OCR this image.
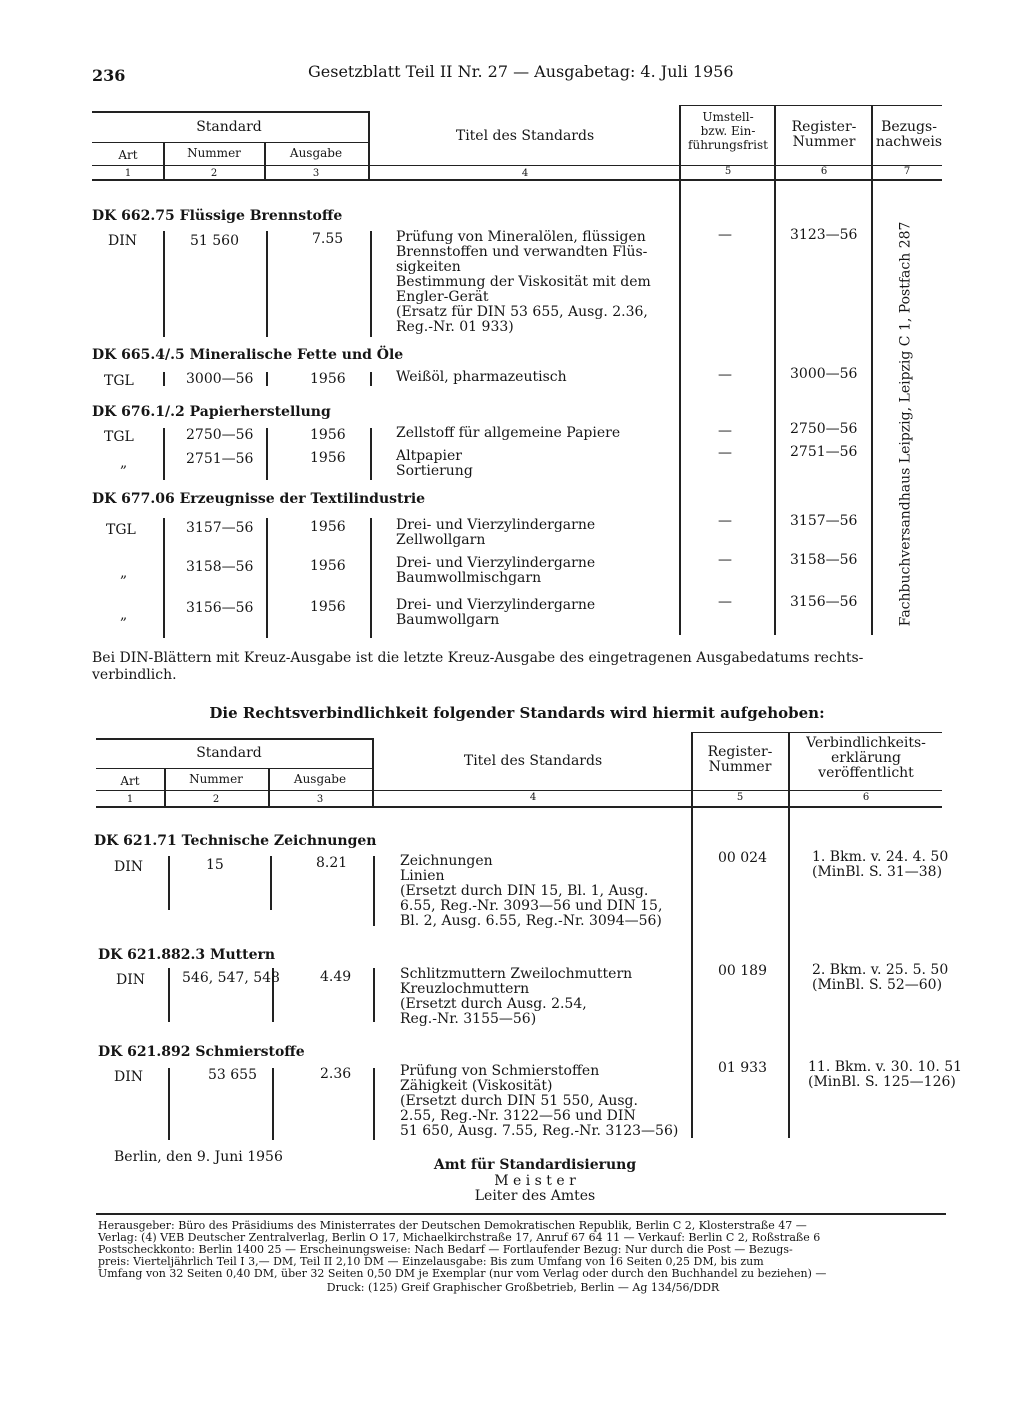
236	Gesetzblatt Teil II Nr. 27 — Ausgabetag: 4. Juli 1956
Standard
Art	Nummer	Ausgabe
Titel des Standards
Umstell-
bzw. Ein-
führungsfrist
Register-
Nummer
Bezugs-
nachweis
1	2	3	4	5	6	7
DK 662.75 Flüssige Brennstoffe
DK 665.4/.5 Mineralische Fette und Öle
DK 676.1/.2 Papierherstellung
DK 677.06 Erzeugnisse der Textilindustrie
DIN	51 560	7.55	Prüfung von Mineralölen, flüssigen
Brennstoffen und verwandten Flüs-
sigkeiten
Bestimmung der Viskosität mit dem
Engler-Gerät
(Ersatz für DIN 53 655, Ausg. 2.36,
Reg.-Nr. 01 933)
—	3123—56
TGL	3000—56	1956	Weißöl, pharmazeutisch	—	3000—56
TGL	2750—56	1956	Zellstoff für allgemeine Papiere	—	2750—56
„	2751—56	1956	Altpapier
Sortierung
—	2751—56
TGL	3157—56	1956	Drei- und Vierzylindergarne
Zellwollgarn
—	3157—56
„	3158—56	1956	Drei- und Vierzylindergarne
Baumwollmischgarn
—	3158—56
„	3156—56	1956	Drei- und Vierzylindergarne
Baumwollgarn
—	3156—56	Fachbuchversandhaus Leipzig, Leipzig C 1, Postfach 287
Bei DIN-Blättern mit Kreuz-Ausgabe ist die letzte Kreuz-Ausgabe des eingetragenen Ausgabedatums rechts-
verbindlich.
Die Rechtsverbindlichkeit folgender Standards wird hiermit aufgehoben:
Standard
Art	Nummer	Ausgabe
Titel des Standards
Register-
Nummer
Verbindlichkeits-
erklärung
veröffentlicht
1	2	3	4	5	6
DK 621.71 Technische Zeichnungen
DK 621.882.3 Muttern
DK 621.892 Schmierstoffe
DIN	15	8.21	Zeichnungen
Linien
(Ersetzt durch DIN 15, Bl. 1, Ausg.
6.55, Reg.-Nr. 3093—56 und DIN 15,
Bl. 2, Ausg. 6.55, Reg.-Nr. 3094—56)
00 024	1. Bkm. v. 24. 4. 50
(MinBl. S. 31—38)
DIN	546, 547, 548	4.49	Schlitzmuttern Zweilochmuttern
Kreuzlochmuttern
(Ersetzt durch Ausg. 2.54,
Reg.-Nr. 3155—56)
00 189	2. Bkm. v. 25. 5. 50
(MinBl. S. 52—60)
DIN	53 655	2.36	Prüfung von Schmierstoffen
Zähigkeit (Viskosität)
(Ersetzt durch DIN 51 550, Ausg.
2.55, Reg.-Nr. 3122—56 und DIN
51 650, Ausg. 7.55, Reg.-Nr. 3123—56)
01 933	11. Bkm. v. 30. 10. 51
(MinBl. S. 125—126)
Berlin, den 9. Juni 1956	Amt für Standardisierung
M e i s t e r
Leiter des Amtes
Herausgeber: Büro des Präsidiums des Ministerrates der Deutschen Demokratischen Republik, Berlin C 2, Klosterstraße 47 —
Verlag: (4) VEB Deutscher Zentralverlag, Berlin O 17, Michaelkirchstraße 17, Anruf 67 64 11 — Verkauf: Berlin C 2, Roßstraße 6
Postscheckkonto: Berlin 1400 25 — Erscheinungsweise: Nach Bedarf — Fortlaufender Bezug: Nur durch die Post — Bezugs-
preis: Vierteljährlich Teil I 3,— DM, Teil II 2,10 DM — Einzelausgabe: Bis zum Umfang von 16 Seiten 0,25 DM, bis zum
Umfang von 32 Seiten 0,40 DM, über 32 Seiten 0,50 DM je Exemplar (nur vom Verlag oder durch den Buchhandel zu beziehen) —
Druck: (125) Greif Graphischer Großbetrieb, Berlin — Ag 134/56/DDR
